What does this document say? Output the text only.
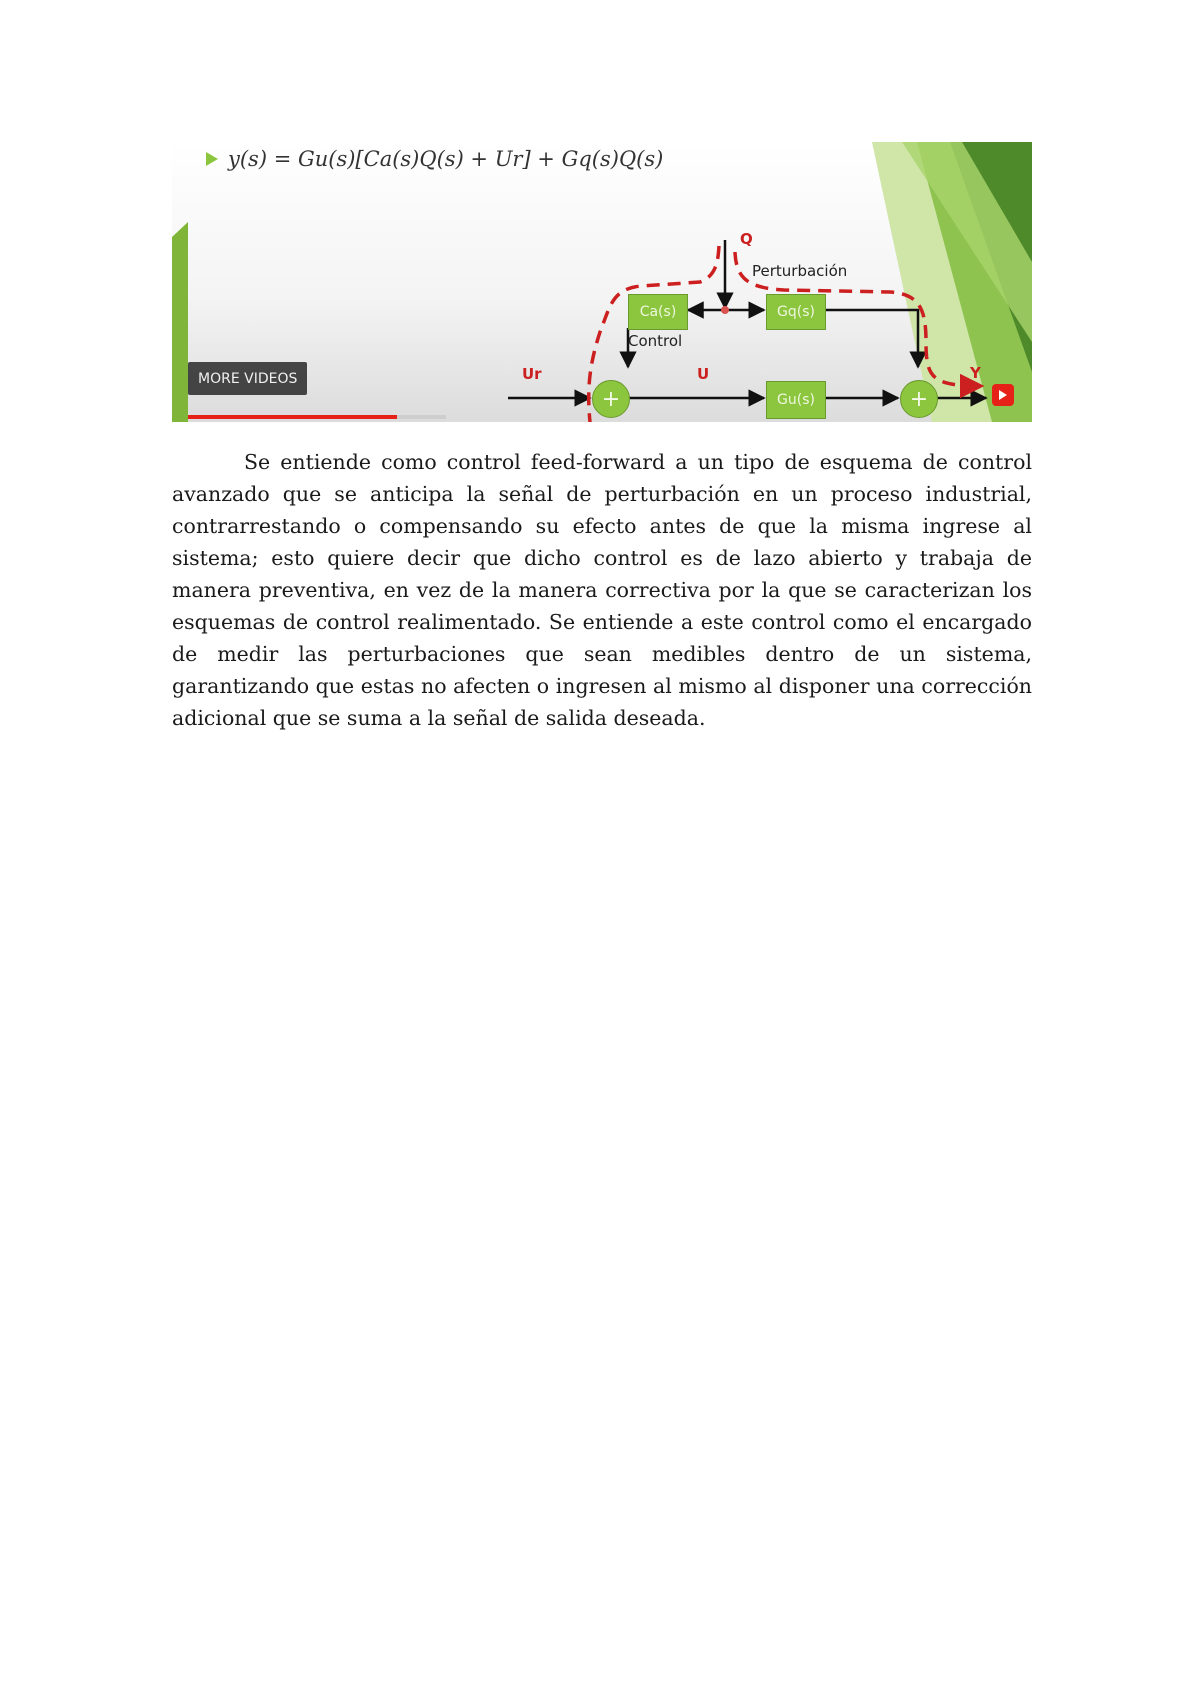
y(s) = Gu(s)[Ca(s)Q(s) + Ur] + Gq(s)Q(s)
Q
Perturbación
Control
Ur	U	Y
Ca(s)	Gq(s)
Gu(s)
+	+
MORE VIDEOS

Se entiende como control feed-forward a un tipo de esquema de control avanzado que se anticipa la señal de perturbación en un proceso industrial, contrarrestando o compensando su efecto antes de que la misma ingrese al sistema; esto quiere decir que dicho control es de lazo abierto y trabaja de manera preventiva, en vez de la manera correctiva por la que se caracterizan los esquemas de control realimentado. Se entiende a este control como el encargado de medir las perturbaciones que sean medibles dentro de un sistema, garantizando que estas no afecten o ingresen al mismo al disponer una corrección adicional que se suma a la señal de salida deseada.
